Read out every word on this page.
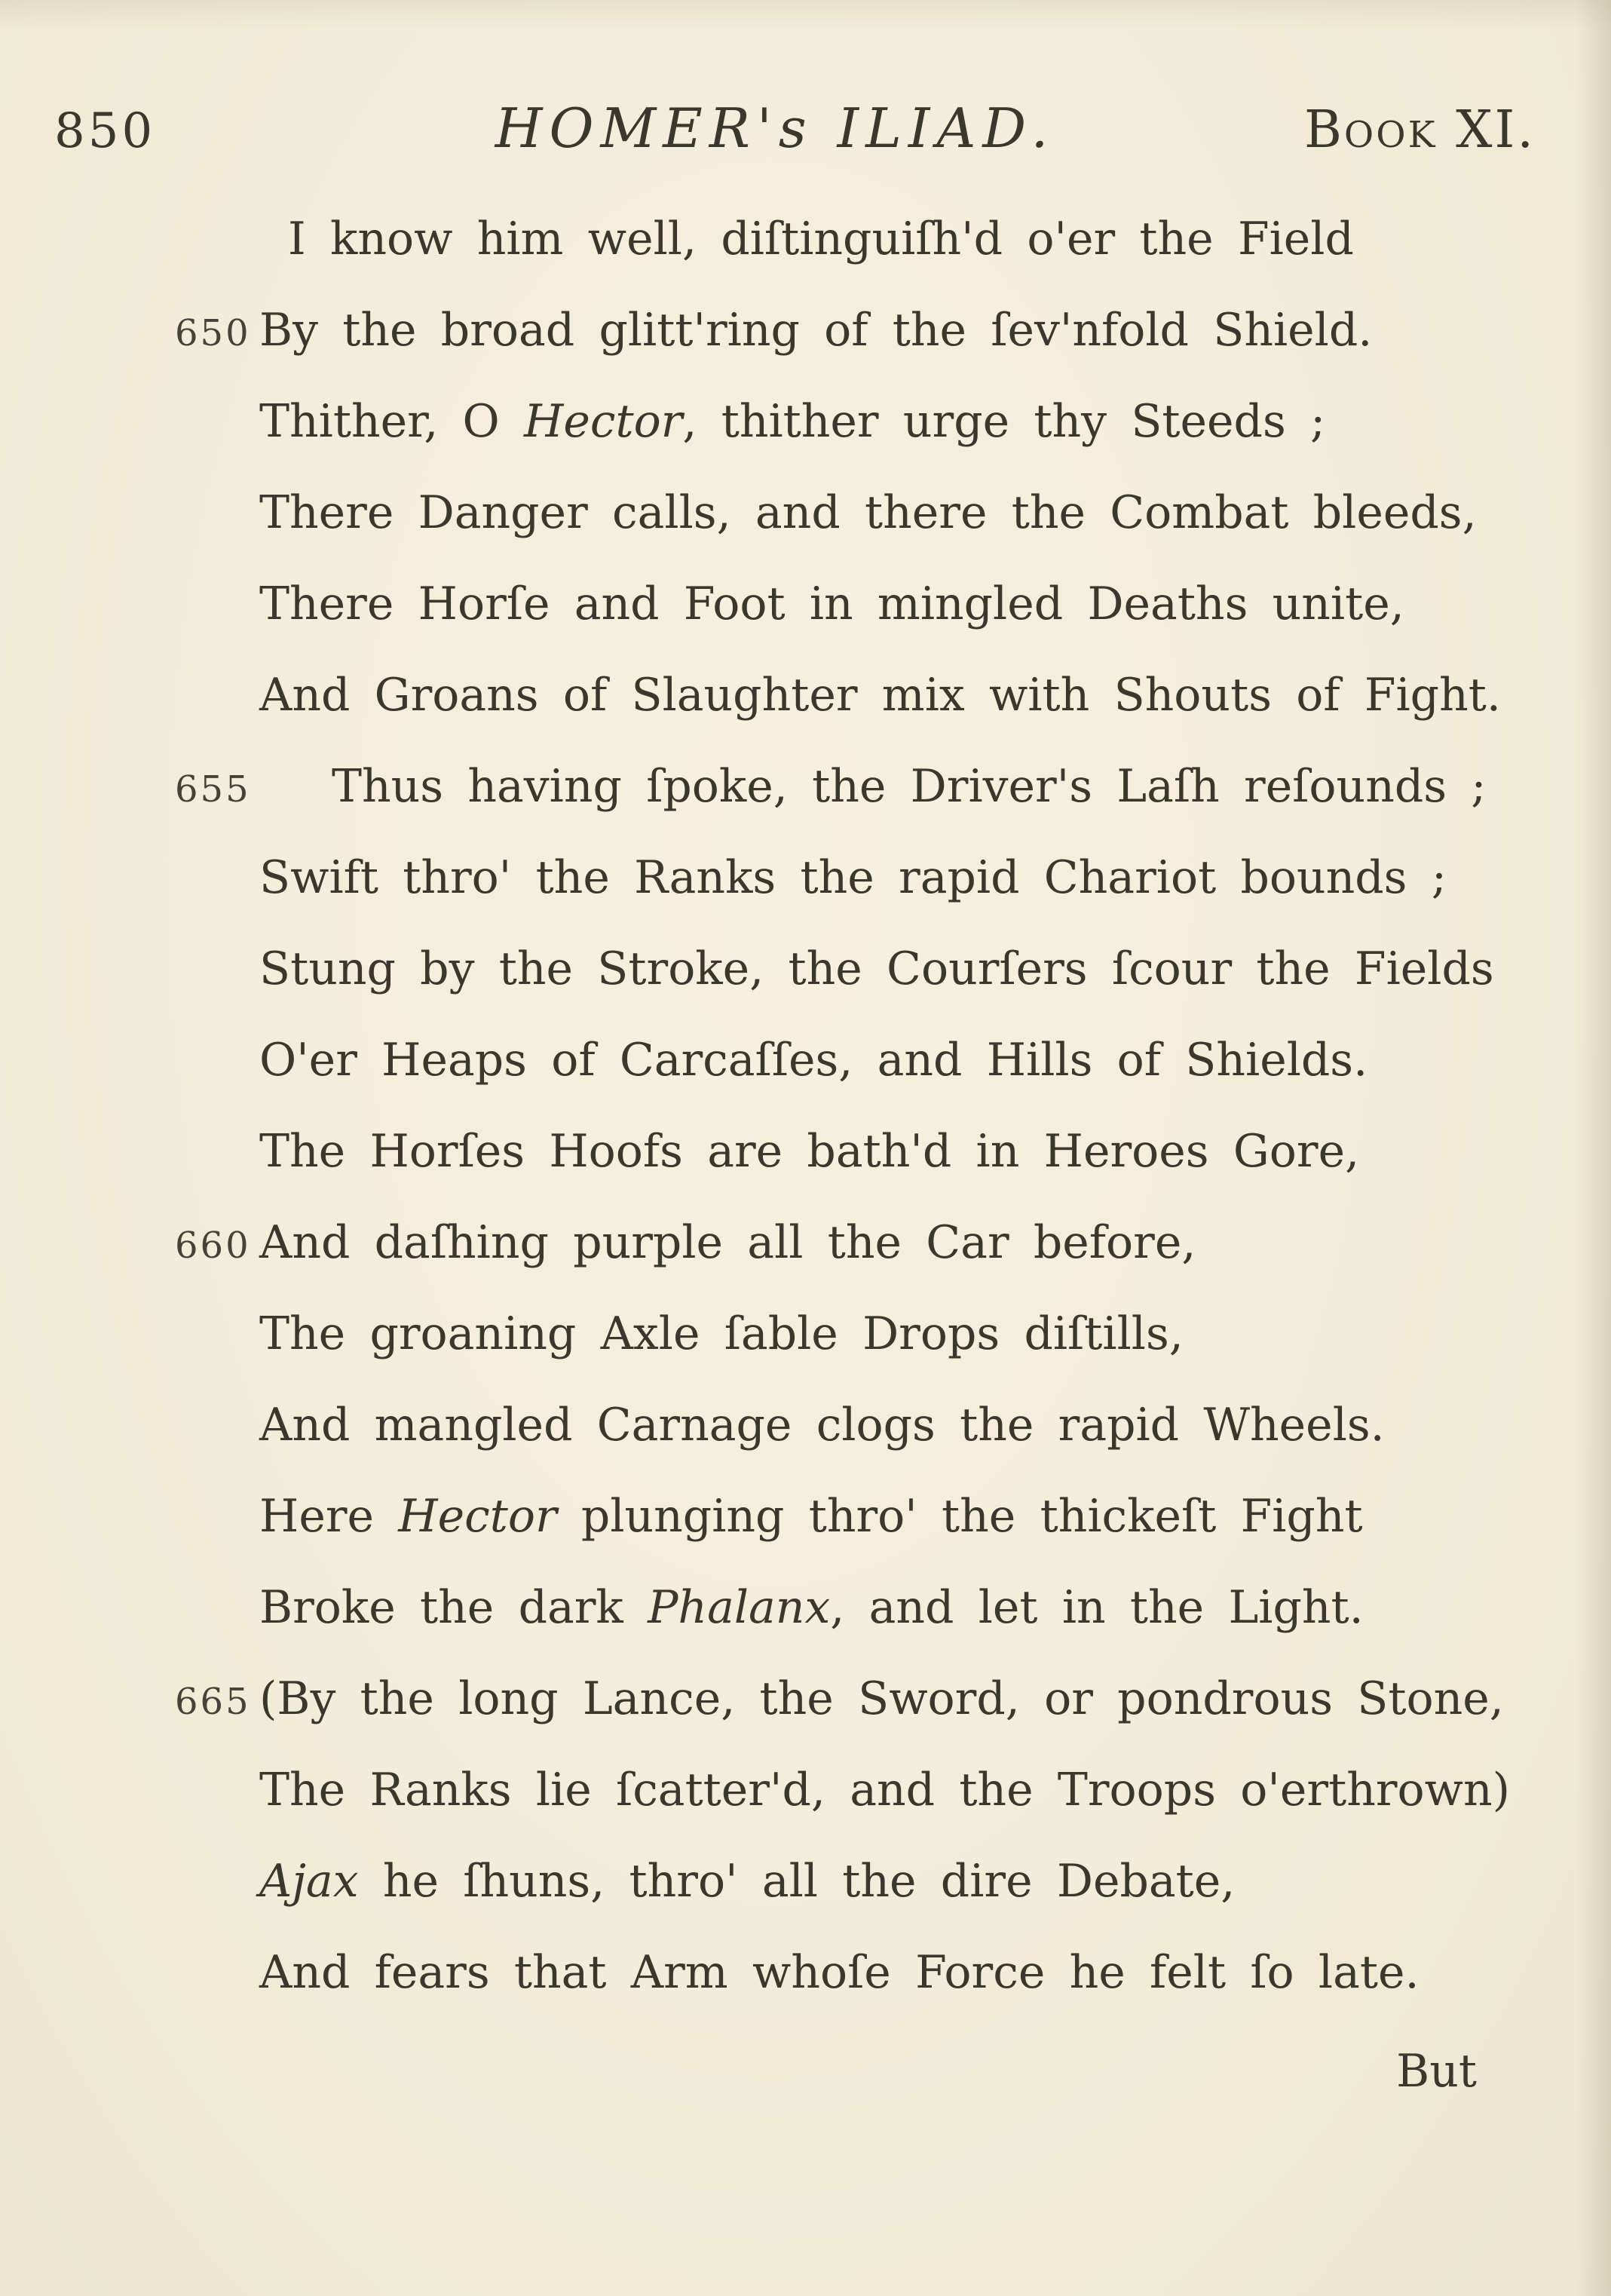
850	HOMER's ILIAD.	Book XI.
I know him well, diſtinguiſh'd o'er the Field
650 By the broad glitt'ring of the ſev'nfold Shield.
Thither, O Hector, thither urge thy Steeds ;
There Danger calls, and there the Combat bleeds,
There Horſe and Foot in mingled Deaths unite,
And Groans of Slaughter mix with Shouts of Fight.
655	Thus having ſpoke, the Driver's Laſh reſounds ;
Swift thro' the Ranks the rapid Chariot bounds ;
Stung by the Stroke, the Courſers ſcour the Fields
O'er Heaps of Carcaſſes, and Hills of Shields.
The Horſes Hoofs are bath'd in Heroes Gore,
660 And daſhing purple all the Car before,
The groaning Axle ſable Drops diſtills,
And mangled Carnage clogs the rapid Wheels.
Here Hector plunging thro' the thickeſt Fight
Broke the dark Phalanx, and let in the Light.
665 (By the long Lance, the Sword, or pondrous Stone,
The Ranks lie ſcatter'd, and the Troops o'erthrown)
Ajax he ſhuns, thro' all the dire Debate,
And fears that Arm whoſe Force he felt ſo late.
But
